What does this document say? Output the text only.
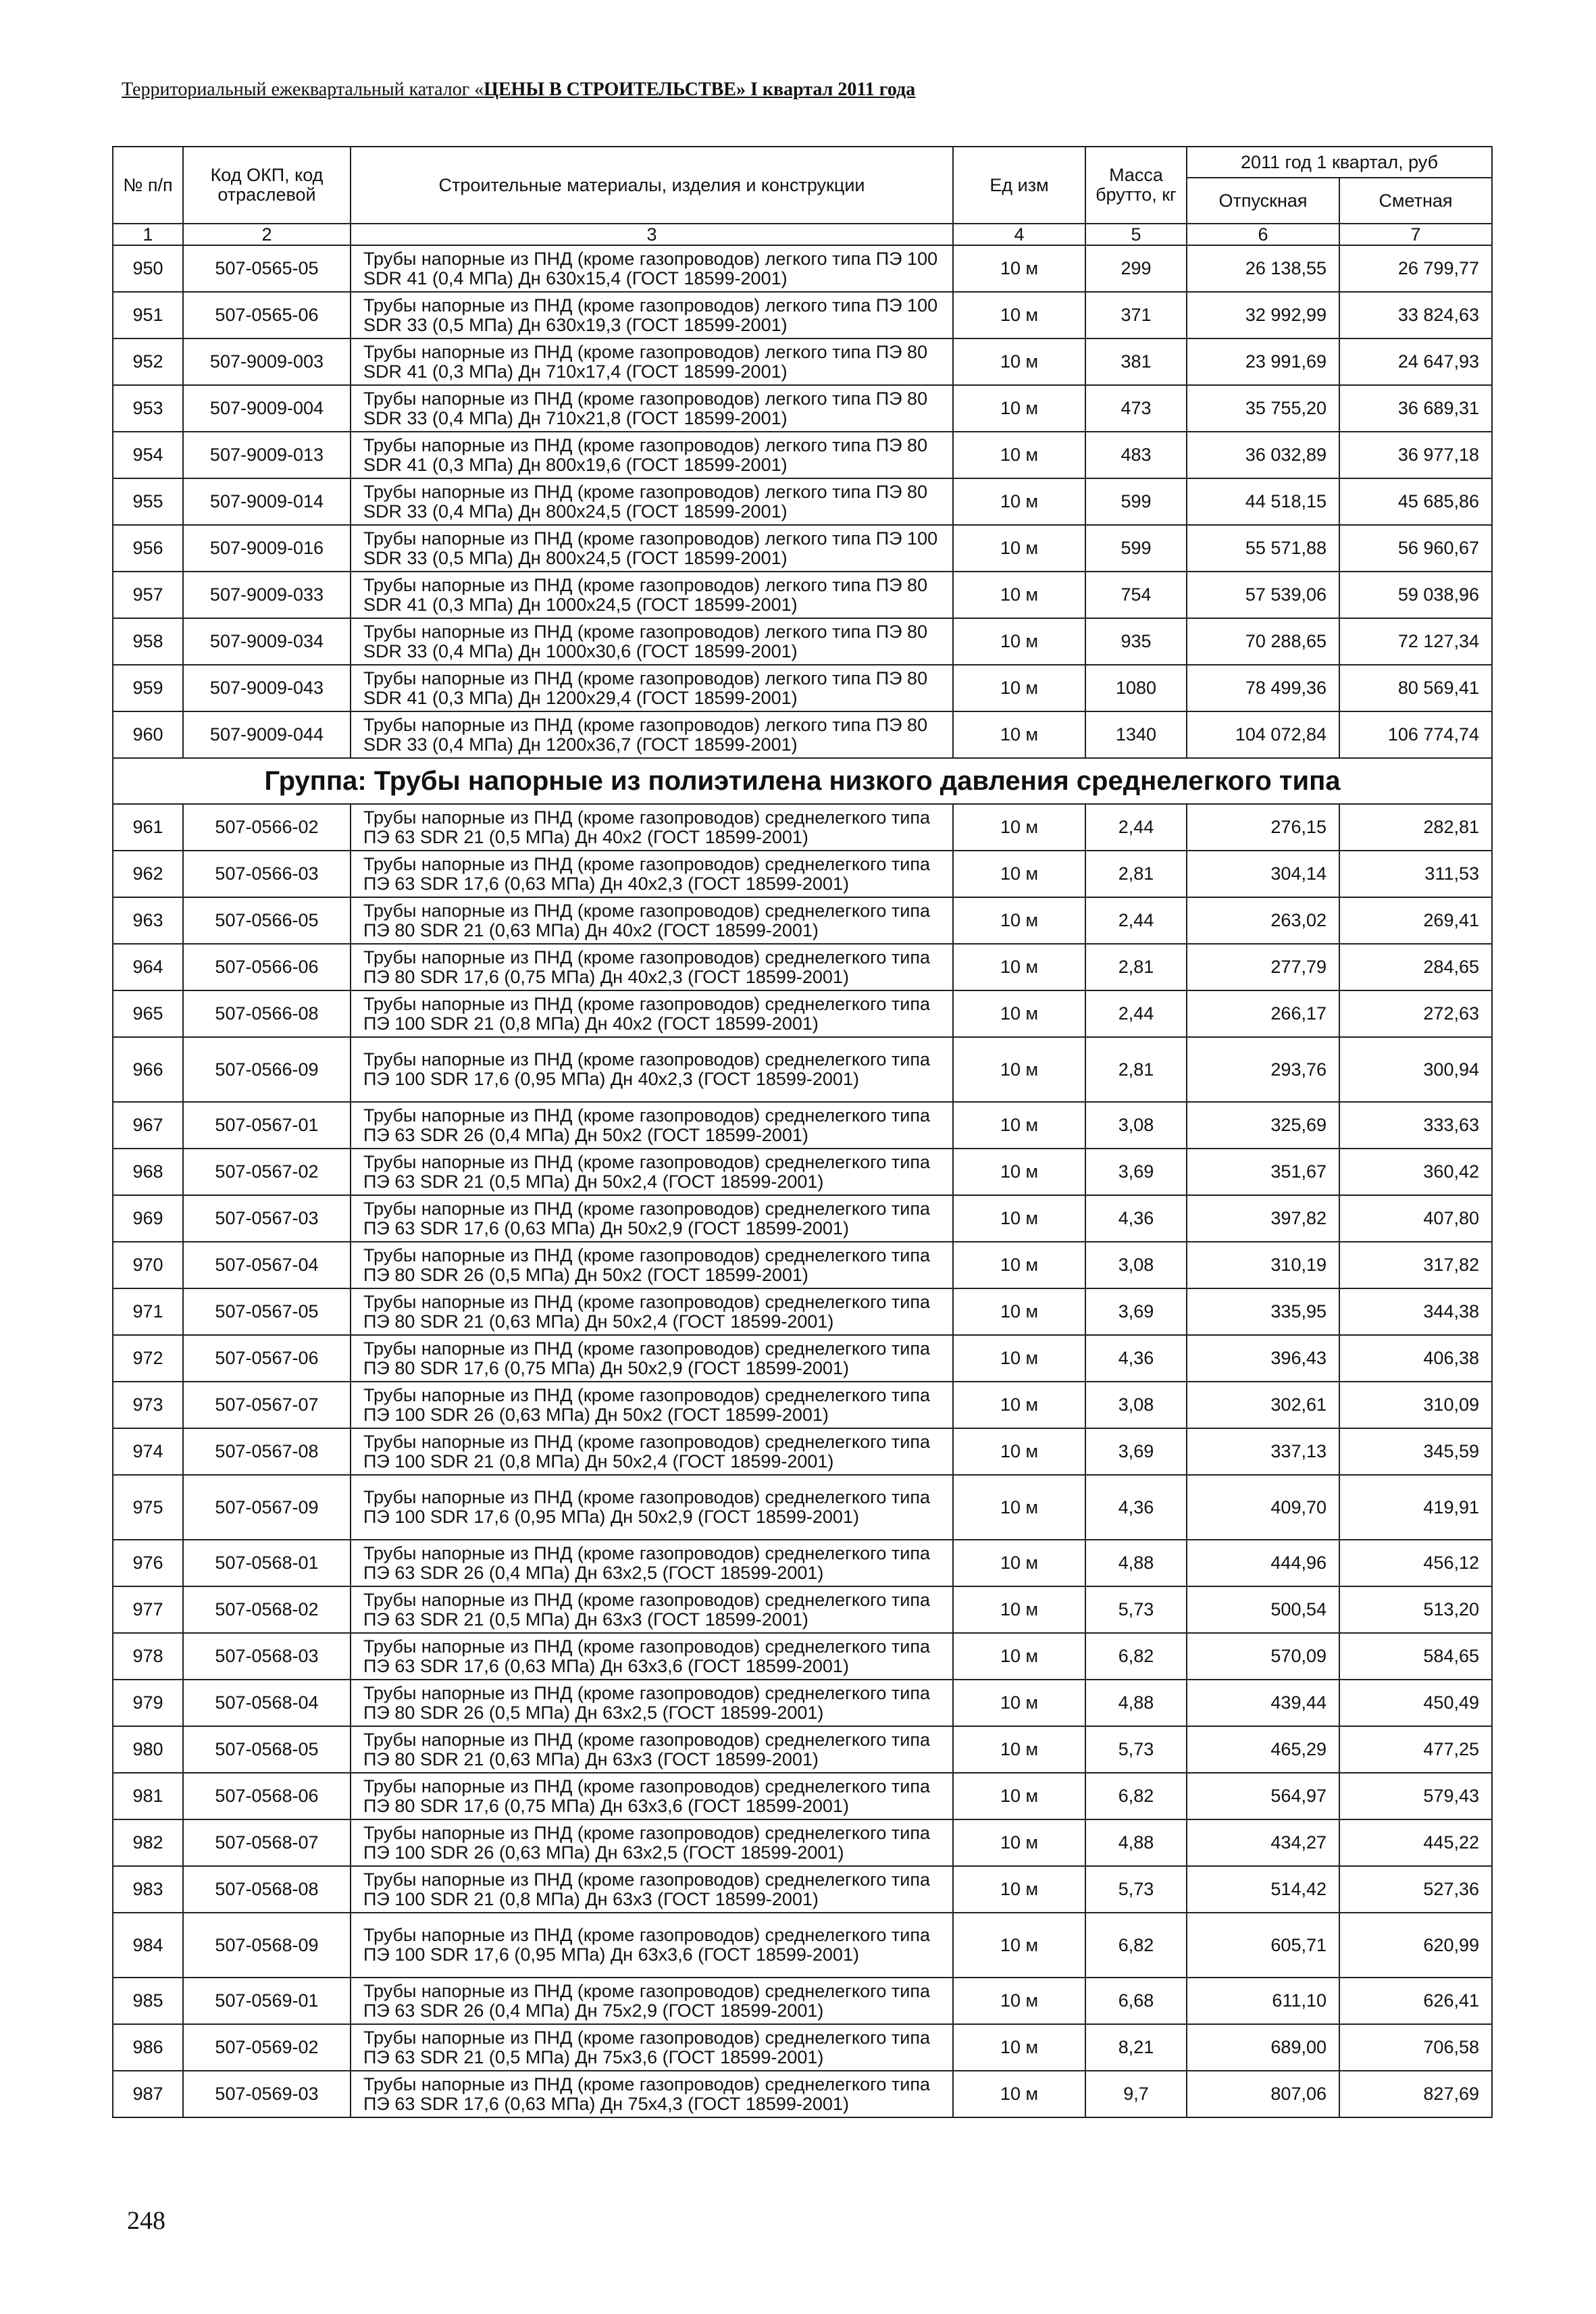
Территориальный ежеквартальный каталог «ЦЕНЫ В СТРОИТЕЛЬСТВЕ» I квартал 2011 года
№ п/п	Код ОКП, код отраслевой	Строительные материалы, изделия и конструкции	Ед изм	Масса брутто, кг	2011 год 1 квартал, руб	
					Отпускная	Сметная
1	2	3	4	5	6	7
950	507-0565-05	Трубы напорные из ПНД (кроме газопроводов) легкого типа ПЭ 100 SDR 41 (0,4 МПа) Дн 630x15,4 (ГОСТ 18599-2001)	10 м	299	26 138,55	26 799,77
951	507-0565-06	Трубы напорные из ПНД (кроме газопроводов) легкого типа ПЭ 100 SDR 33 (0,5 МПа) Дн 630x19,3 (ГОСТ 18599-2001)	10 м	371	32 992,99	33 824,63
952	507-9009-003	Трубы напорные из ПНД (кроме газопроводов) легкого типа ПЭ 80 SDR 41 (0,3 МПа) Дн 710x17,4 (ГОСТ 18599-2001)	10 м	381	23 991,69	24 647,93
953	507-9009-004	Трубы напорные из ПНД (кроме газопроводов) легкого типа ПЭ 80 SDR 33 (0,4 МПа) Дн 710x21,8 (ГОСТ 18599-2001)	10 м	473	35 755,20	36 689,31
954	507-9009-013	Трубы напорные из ПНД (кроме газопроводов) легкого типа ПЭ 80 SDR 41 (0,3 МПа) Дн 800x19,6 (ГОСТ 18599-2001)	10 м	483	36 032,89	36 977,18
955	507-9009-014	Трубы напорные из ПНД (кроме газопроводов) легкого типа ПЭ 80 SDR 33 (0,4 МПа) Дн 800x24,5 (ГОСТ 18599-2001)	10 м	599	44 518,15	45 685,86
956	507-9009-016	Трубы напорные из ПНД (кроме газопроводов) легкого типа ПЭ 100 SDR 33 (0,5 МПа) Дн 800x24,5 (ГОСТ 18599-2001)	10 м	599	55 571,88	56 960,67
957	507-9009-033	Трубы напорные из ПНД (кроме газопроводов) легкого типа ПЭ 80 SDR 41 (0,3 МПа) Дн 1000x24,5 (ГОСТ 18599-2001)	10 м	754	57 539,06	59 038,96
958	507-9009-034	Трубы напорные из ПНД (кроме газопроводов) легкого типа ПЭ 80 SDR 33 (0,4 МПа) Дн 1000x30,6 (ГОСТ 18599-2001)	10 м	935	70 288,65	72 127,34
959	507-9009-043	Трубы напорные из ПНД (кроме газопроводов) легкого типа ПЭ 80 SDR 41 (0,3 МПа) Дн 1200x29,4 (ГОСТ 18599-2001)	10 м	1080	78 499,36	80 569,41
960	507-9009-044	Трубы напорные из ПНД (кроме газопроводов) легкого типа ПЭ 80 SDR 33 (0,4 МПа) Дн 1200x36,7 (ГОСТ 18599-2001)	10 м	1340	104 072,84	106 774,74
Группа: Трубы напорные из полиэтилена низкого давления среднелегкого типа						
961	507-0566-02	Трубы напорные из ПНД (кроме газопроводов) среднелегкого типа ПЭ 63 SDR 21 (0,5 МПа) Дн 40x2 (ГОСТ 18599-2001)	10 м	2,44	276,15	282,81
962	507-0566-03	Трубы напорные из ПНД (кроме газопроводов) среднелегкого типа ПЭ 63 SDR 17,6 (0,63 МПа) Дн 40x2,3 (ГОСТ 18599-2001)	10 м	2,81	304,14	311,53
963	507-0566-05	Трубы напорные из ПНД (кроме газопроводов) среднелегкого типа ПЭ 80 SDR 21 (0,63 МПа) Дн 40x2 (ГОСТ 18599-2001)	10 м	2,44	263,02	269,41
964	507-0566-06	Трубы напорные из ПНД (кроме газопроводов) среднелегкого типа ПЭ 80 SDR 17,6 (0,75 МПа) Дн 40x2,3 (ГОСТ 18599-2001)	10 м	2,81	277,79	284,65
965	507-0566-08	Трубы напорные из ПНД (кроме газопроводов) среднелегкого типа ПЭ 100 SDR 21 (0,8 МПа) Дн 40x2 (ГОСТ 18599-2001)	10 м	2,44	266,17	272,63
966	507-0566-09	Трубы напорные из ПНД (кроме газопроводов) среднелегкого типа ПЭ 100 SDR 17,6 (0,95 МПа) Дн 40x2,3 (ГОСТ 18599-2001)	10 м	2,81	293,76	300,94
967	507-0567-01	Трубы напорные из ПНД (кроме газопроводов) среднелегкого типа ПЭ 63 SDR 26 (0,4 МПа) Дн 50x2 (ГОСТ 18599-2001)	10 м	3,08	325,69	333,63
968	507-0567-02	Трубы напорные из ПНД (кроме газопроводов) среднелегкого типа ПЭ 63 SDR 21 (0,5 МПа) Дн 50x2,4 (ГОСТ 18599-2001)	10 м	3,69	351,67	360,42
969	507-0567-03	Трубы напорные из ПНД (кроме газопроводов) среднелегкого типа ПЭ 63 SDR 17,6 (0,63 МПа) Дн 50x2,9 (ГОСТ 18599-2001)	10 м	4,36	397,82	407,80
970	507-0567-04	Трубы напорные из ПНД (кроме газопроводов) среднелегкого типа ПЭ 80 SDR 26 (0,5 МПа) Дн 50x2 (ГОСТ 18599-2001)	10 м	3,08	310,19	317,82
971	507-0567-05	Трубы напорные из ПНД (кроме газопроводов) среднелегкого типа ПЭ 80 SDR 21 (0,63 МПа) Дн 50x2,4 (ГОСТ 18599-2001)	10 м	3,69	335,95	344,38
972	507-0567-06	Трубы напорные из ПНД (кроме газопроводов) среднелегкого типа ПЭ 80 SDR 17,6 (0,75 МПа) Дн 50x2,9 (ГОСТ 18599-2001)	10 м	4,36	396,43	406,38
973	507-0567-07	Трубы напорные из ПНД (кроме газопроводов) среднелегкого типа ПЭ 100 SDR 26 (0,63 МПа) Дн 50x2 (ГОСТ 18599-2001)	10 м	3,08	302,61	310,09
974	507-0567-08	Трубы напорные из ПНД (кроме газопроводов) среднелегкого типа ПЭ 100 SDR 21 (0,8 МПа) Дн 50x2,4 (ГОСТ 18599-2001)	10 м	3,69	337,13	345,59
975	507-0567-09	Трубы напорные из ПНД (кроме газопроводов) среднелегкого типа ПЭ 100 SDR 17,6 (0,95 МПа) Дн 50x2,9 (ГОСТ 18599-2001)	10 м	4,36	409,70	419,91
976	507-0568-01	Трубы напорные из ПНД (кроме газопроводов) среднелегкого типа ПЭ 63 SDR 26 (0,4 МПа) Дн 63x2,5 (ГОСТ 18599-2001)	10 м	4,88	444,96	456,12
977	507-0568-02	Трубы напорные из ПНД (кроме газопроводов) среднелегкого типа ПЭ 63 SDR 21 (0,5 МПа) Дн 63x3 (ГОСТ 18599-2001)	10 м	5,73	500,54	513,20
978	507-0568-03	Трубы напорные из ПНД (кроме газопроводов) среднелегкого типа ПЭ 63 SDR 17,6 (0,63 МПа) Дн 63x3,6 (ГОСТ 18599-2001)	10 м	6,82	570,09	584,65
979	507-0568-04	Трубы напорные из ПНД (кроме газопроводов) среднелегкого типа ПЭ 80 SDR 26 (0,5 МПа) Дн 63x2,5 (ГОСТ 18599-2001)	10 м	4,88	439,44	450,49
980	507-0568-05	Трубы напорные из ПНД (кроме газопроводов) среднелегкого типа ПЭ 80 SDR 21 (0,63 МПа) Дн 63x3 (ГОСТ 18599-2001)	10 м	5,73	465,29	477,25
981	507-0568-06	Трубы напорные из ПНД (кроме газопроводов) среднелегкого типа ПЭ 80 SDR 17,6 (0,75 МПа) Дн 63x3,6 (ГОСТ 18599-2001)	10 м	6,82	564,97	579,43
982	507-0568-07	Трубы напорные из ПНД (кроме газопроводов) среднелегкого типа ПЭ 100 SDR 26 (0,63 МПа) Дн 63x2,5 (ГОСТ 18599-2001)	10 м	4,88	434,27	445,22
983	507-0568-08	Трубы напорные из ПНД (кроме газопроводов) среднелегкого типа ПЭ 100 SDR 21 (0,8 МПа) Дн 63x3 (ГОСТ 18599-2001)	10 м	5,73	514,42	527,36
984	507-0568-09	Трубы напорные из ПНД (кроме газопроводов) среднелегкого типа ПЭ 100 SDR 17,6 (0,95 МПа) Дн 63x3,6 (ГОСТ 18599-2001)	10 м	6,82	605,71	620,99
985	507-0569-01	Трубы напорные из ПНД (кроме газопроводов) среднелегкого типа ПЭ 63 SDR 26 (0,4 МПа) Дн 75x2,9 (ГОСТ 18599-2001)	10 м	6,68	611,10	626,41
986	507-0569-02	Трубы напорные из ПНД (кроме газопроводов) среднелегкого типа ПЭ 63 SDR 21 (0,5 МПа) Дн 75x3,6 (ГОСТ 18599-2001)	10 м	8,21	689,00	706,58
987	507-0569-03	Трубы напорные из ПНД (кроме газопроводов) среднелегкого типа ПЭ 63 SDR 17,6 (0,63 МПа) Дн 75x4,3 (ГОСТ 18599-2001)	10 м	9,7	807,06	827,69
248
